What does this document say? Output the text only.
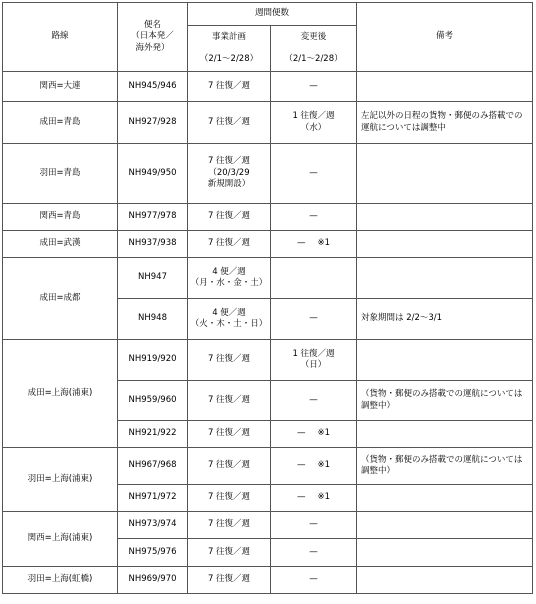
路線	便名
（日本発／
海外発）	週間便数		備考
		事業計画	変更後	
		（2/1～2/28）	（2/1～2/28）	
関西=大連	NH945/946	7 往復／週	—	
成田=青島	NH927/928	7 往復／週	1 往復／週
（水）	左記以外の日程の貨物・郵便のみ搭載での運航については調整中
羽田=青島	NH949/950	7 往復／週
（20/3/29
新規開設）	—	
関西=青島	NH977/978	7 往復／週	—	
成田=武漢	NH937/938	7 往復／週	— ※1	
成田=成都	NH947	4 便／週
（月・水・金・土）		
	NH948	4 便／週
（火・木・土・日）	—	対象期間は 2/2～3/1
成田=上海(浦東)	NH919/920	7 往復／週	1 往復／週
（日）	
	NH959/960	7 往復／週	—	（貨物・郵便のみ搭載での運航については調整中）
	NH921/922	7 往復／週	— ※1	
羽田=上海(浦東)	NH967/968	7 往復／週	— ※1	（貨物・郵便のみ搭載での運航については調整中）
	NH971/972	7 往復／週	— ※1	
関西=上海(浦東)	NH973/974	7 往復／週	—	
	NH975/976	7 往復／週	—	
羽田=上海(虹橋)	NH969/970	7 往復／週	—	
